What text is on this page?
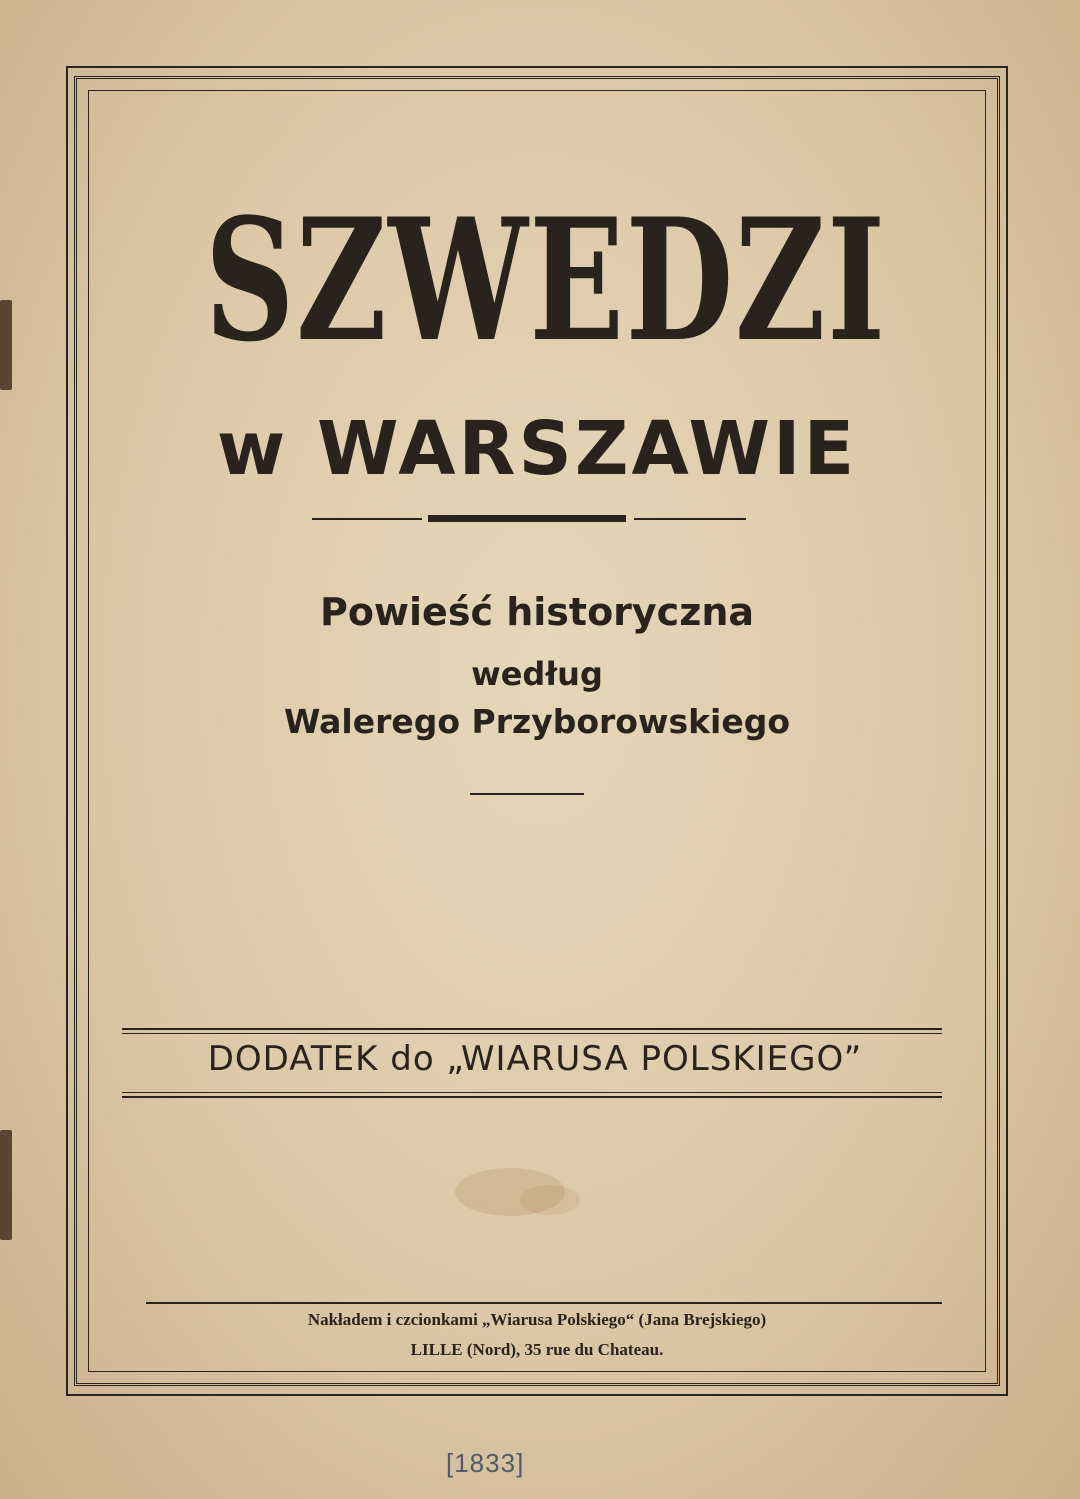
SZWEDZI
w WARSZAWIE
Powieść historyczna
według
Walerego Przyborowskiego
DODATEK do „WIARUSA POLSKIEGO”
Nakładem i czcionkami „Wiarusa Polskiego“ (Jana Brejskiego)
LILLE (Nord), 35 rue du Chateau.
[1833]
